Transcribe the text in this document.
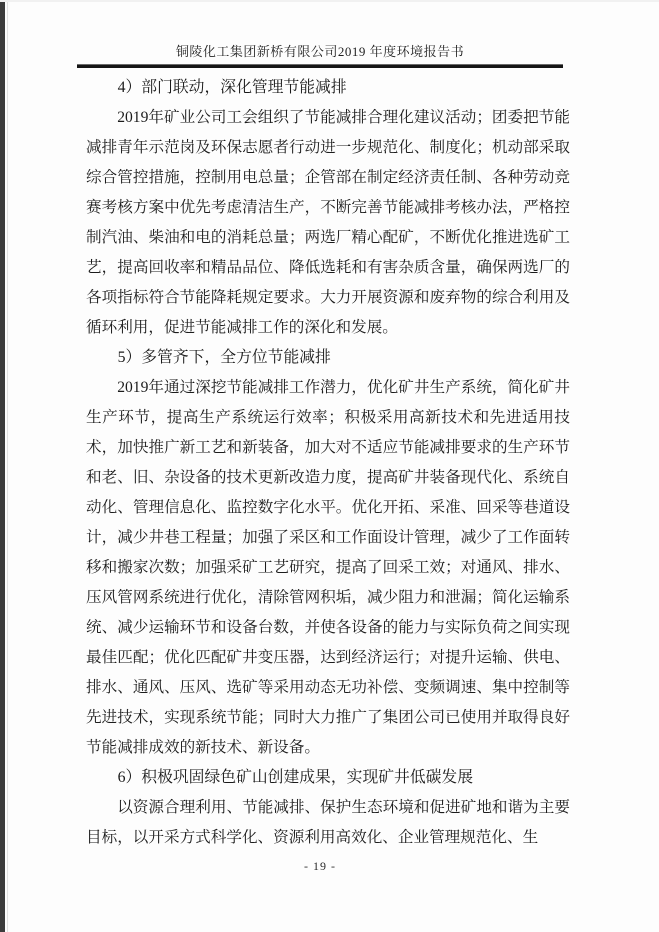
铜陵化工集团新桥有限公司2019 年度环境报告书
4）部门联动，深化管理节能减排

2019年矿业公司工会组织了节能减排合理化建议活动；团委把节能减排青年示范岗及环保志愿者行动进一步规范化、制度化；机动部采取综合管控措施，控制用电总量；企管部在制定经济责任制、各种劳动竞赛考核方案中优先考虑清洁生产，不断完善节能减排考核办法，严格控制汽油、柴油和电的消耗总量；两选厂精心配矿，不断优化推进选矿工艺，提高回收率和精品品位、降低选耗和有害杂质含量，确保两选厂的各项指标符合节能降耗规定要求。大力开展资源和废弃物的综合利用及循环利用，促进节能减排工作的深化和发展。

5）多管齐下，全方位节能减排

2019年通过深挖节能减排工作潜力，优化矿井生产系统，简化矿井生产环节，提高生产系统运行效率；积极采用高新技术和先进适用技术，加快推广新工艺和新装备，加大对不适应节能减排要求的生产环节和老、旧、杂设备的技术更新改造力度，提高矿井装备现代化、系统自动化、管理信息化、监控数字化水平。优化开拓、采准、回采等巷道设计，减少井巷工程量；加强了采区和工作面设计管理，减少了工作面转移和搬家次数；加强采矿工艺研究，提高了回采工效；对通风、排水、压风管网系统进行优化，清除管网积垢，减少阻力和泄漏；简化运输系统、减少运输环节和设备台数，并使各设备的能力与实际负荷之间实现最佳匹配；优化匹配矿井变压器，达到经济运行；对提升运输、供电、排水、通风、压风、选矿等采用动态无功补偿、变频调速、集中控制等先进技术，实现系统节能；同时大力推广了集团公司已使用并取得良好节能减排成效的新技术、新设备。

6）积极巩固绿色矿山创建成果，实现矿井低碳发展

以资源合理利用、节能减排、保护生态环境和促进矿地和谐为主要目标，以开采方式科学化、资源利用高效化、企业管理规范化、生

- 19 -
